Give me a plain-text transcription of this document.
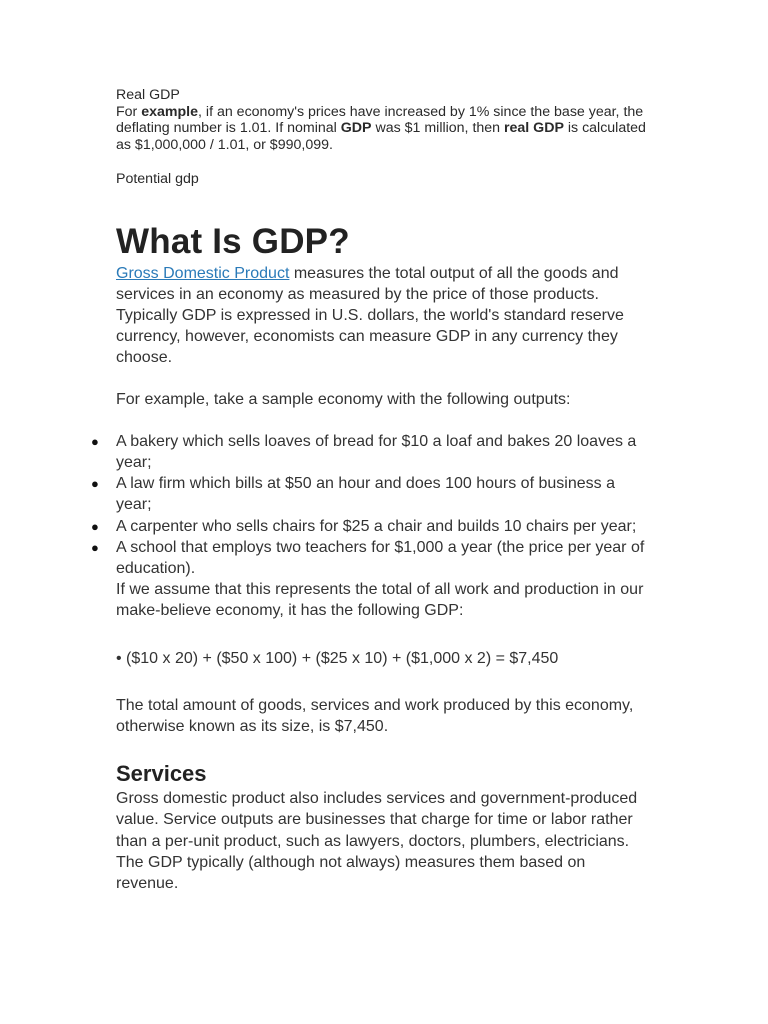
Real GDP

For example, if an economy's prices have increased by 1% since the base year, the deflating number is 1.01. If nominal GDP was $1 million, then real GDP is calculated as $1,000,000 / 1.01, or $990,099.

Potential gdp

What Is GDP?

Gross Domestic Product measures the total output of all the goods and services in an economy as measured by the price of those products. Typically GDP is expressed in U.S. dollars, the world's standard reserve currency, however, economists can measure GDP in any currency they choose.

For example, take a sample economy with the following outputs:

● A bakery which sells loaves of bread for $10 a loaf and bakes 20 loaves a year;
● A law firm which bills at $50 an hour and does 100 hours of business a year;
● A carpenter who sells chairs for $25 a chair and builds 10 chairs per year;
● A school that employs two teachers for $1,000 a year (the price per year of education).

If we assume that this represents the total of all work and production in our make-believe economy, it has the following GDP:

• ($10 x 20) + ($50 x 100) + ($25 x 10) + ($1,000 x 2) = $7,450

The total amount of goods, services and work produced by this economy, otherwise known as its size, is $7,450.

Services

Gross domestic product also includes services and government-produced value. Service outputs are businesses that charge for time or labor rather than a per-unit product, such as lawyers, doctors, plumbers, electricians. The GDP typically (although not always) measures them based on revenue.
